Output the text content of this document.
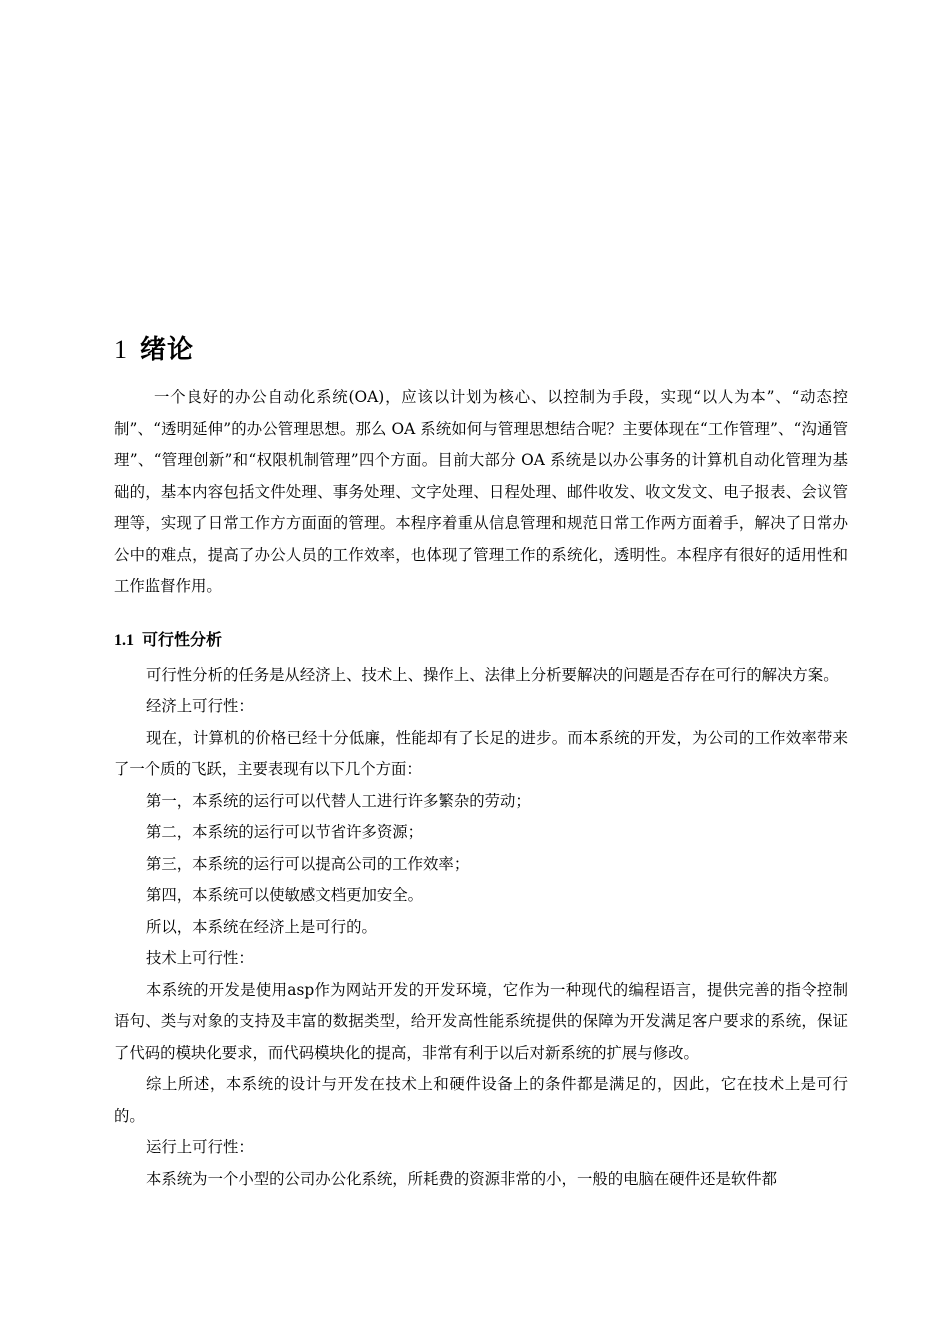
1 绪论

一个良好的办公自动化系统(OA)，应该以计划为核心、以控制为手段，实现“以人为本”、“动态控制”、“透明延伸”的办公管理思想。那么 OA 系统如何与管理思想结合呢？主要体现在“工作管理”、“沟通管理”、“管理创新”和“权限机制管理”四个方面。目前大部分 OA 系统是以办公事务的计算机自动化管理为基础的，基本内容包括文件处理、事务处理、文字处理、日程处理、邮件收发、收文发文、电子报表、会议管理等，实现了日常工作方方面面的管理。本程序着重从信息管理和规范日常工作两方面着手，解决了日常办公中的难点，提高了办公人员的工作效率，也体现了管理工作的系统化，透明性。本程序有很好的适用性和工作监督作用。

1.1 可行性分析

可行性分析的任务是从经济上、技术上、操作上、法律上分析要解决的问题是否存在可行的解决方案。

经济上可行性：

现在，计算机的价格已经十分低廉，性能却有了长足的进步。而本系统的开发，为公司的工作效率带来了一个质的飞跃，主要表现有以下几个方面：

第一，本系统的运行可以代替人工进行许多繁杂的劳动；

第二，本系统的运行可以节省许多资源；

第三，本系统的运行可以提高公司的工作效率；

第四，本系统可以使敏感文档更加安全。

所以，本系统在经济上是可行的。

技术上可行性：

本系统的开发是使用asp作为网站开发的开发环境，它作为一种现代的编程语言，提供完善的指令控制语句、类与对象的支持及丰富的数据类型，给开发高性能系统提供的保障为开发满足客户要求的系统，保证了代码的模块化要求，而代码模块化的提高，非常有利于以后对新系统的扩展与修改。

综上所述，本系统的设计与开发在技术上和硬件设备上的条件都是满足的，因此，它在技术上是可行的。

运行上可行性：

本系统为一个小型的公司办公化系统，所耗费的资源非常的小，一般的电脑在硬件还是软件都
